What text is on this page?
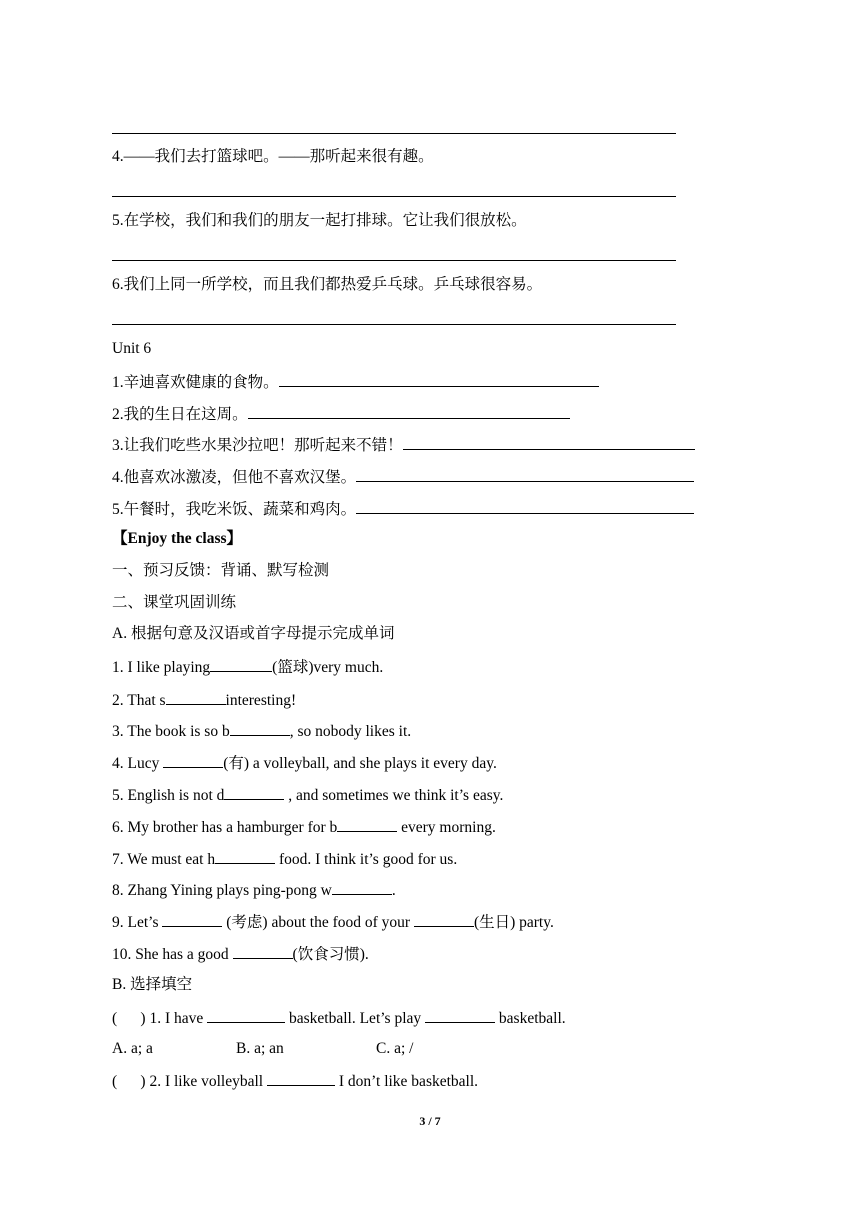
4.——我们去打篮球吧。——那听起来很有趣。
5.在学校，我们和我们的朋友一起打排球。它让我们很放松。
6.我们上同一所学校，而且我们都热爱乒乓球。乒乓球很容易。
Unit 6
1.辛迪喜欢健康的食物。
2.我的生日在这周。
3.让我们吃些水果沙拉吧！那听起来不错！
4.他喜欢冰激凌，但他不喜欢汉堡。
5.午餐时，我吃米饭、蔬菜和鸡肉。
【Enjoy the class】
一、预习反馈：背诵、默写检测
二、课堂巩固训练
A. 根据句意及汉语或首字母提示完成单词
1. I like playing	(篮球)very much.
2. That s	interesting!
3. The book is so b	, so nobody likes it.
4. Lucy	(有) a volleyball, and she plays it every day.
5. English is not d	, and sometimes we think it’s easy.
6. My brother has a hamburger for b	every morning.
7. We must eat h	food. I think it’s good for us.
8. Zhang Yining plays ping-pong w	.
9. Let’s	(考虑) about the food of your	(生日) party.
10. She has a good	(饮食习惯).
B. 选择填空
(      ) 1. I have	basketball. Let’s play	basketball.
A. a; a	B. a; an	C. a; /
(      ) 2. I like volleyball	I don’t like basketball.
3 / 7
